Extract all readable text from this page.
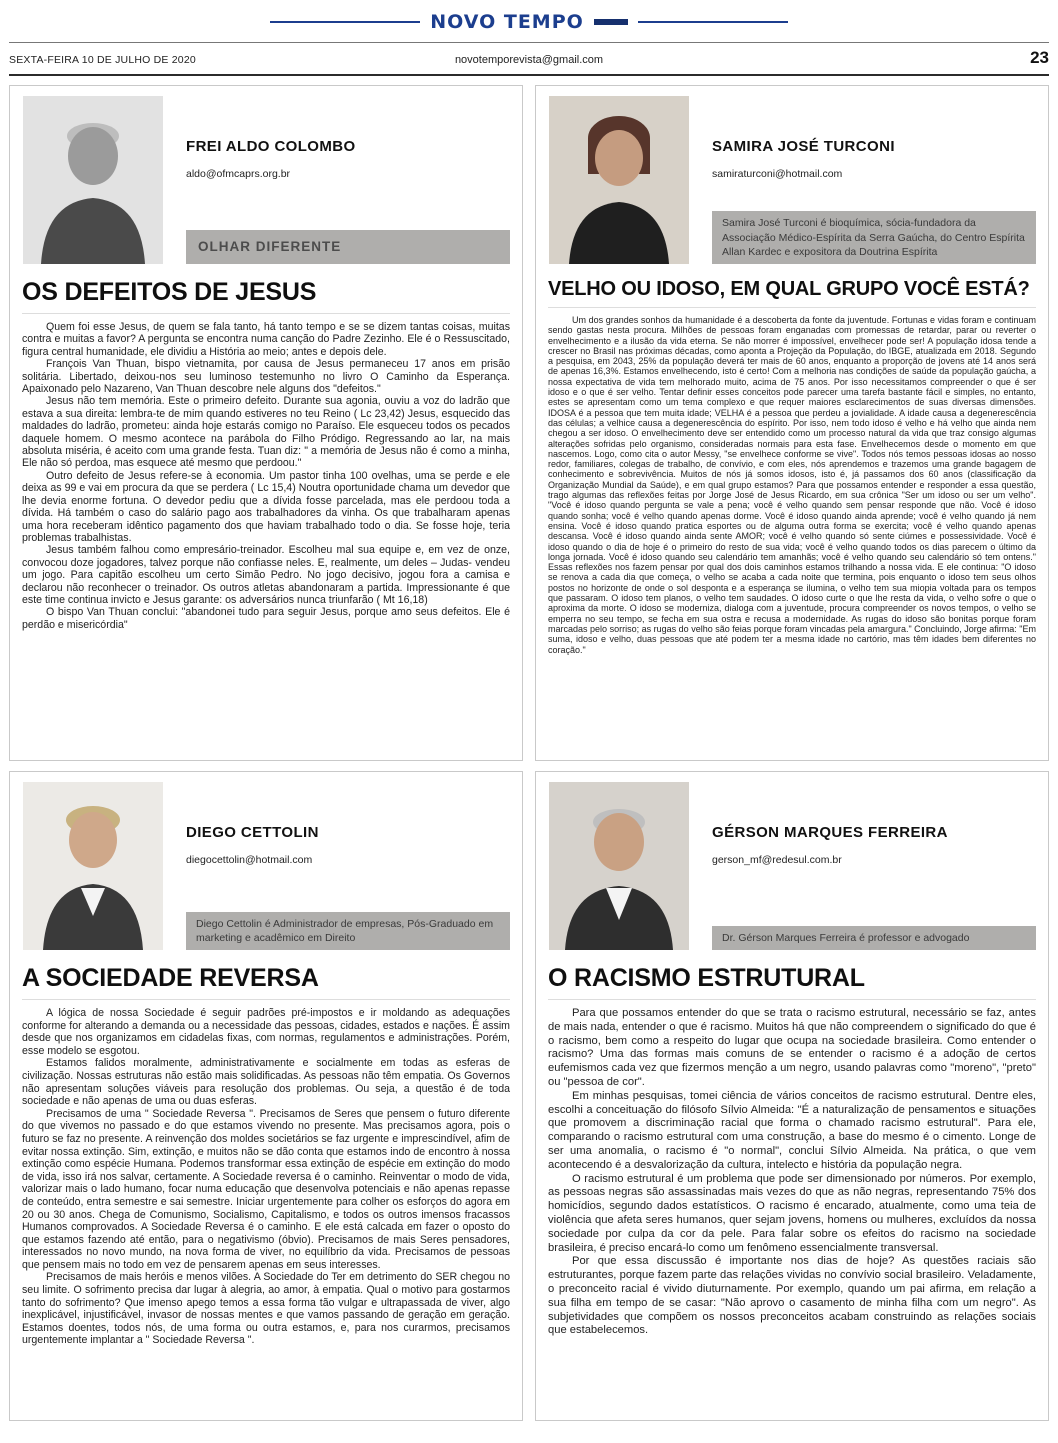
NOVO TEMPO
SEXTA-FEIRA 10 DE JULHO DE 2020	novotemporevista@gmail.com	23
FREI ALDO COLOMBO
aldo@ofmcaprs.org.br
OLHAR DIFERENTE
OS DEFEITOS DE JESUS

Quem foi esse Jesus, de quem se fala tanto, há tanto tempo e se se dizem tantas coisas, muitas contra e muitas a favor? A pergunta se encontra numa canção do Padre Zezinho. Ele é o Ressuscitado, figura central humanidade, ele dividiu a História ao meio; antes e depois dele.

François Van Thuan, bispo vietnamita, por causa de Jesus permaneceu 17 anos em prisão solitária. Libertado, deixou-nos seu luminoso testemunho no livro O Caminho da Esperança. Apaixonado pelo Nazareno, Van Thuan descobre nele alguns dos "defeitos."

Jesus não tem memória. Este o primeiro defeito. Durante sua agonia, ouviu a voz do ladrão que estava a sua direita: lembra-te de mim quando estiveres no teu Reino ( Lc 23,42) Jesus, esquecido das maldades do ladrão, prometeu: ainda hoje estarás comigo no Paraíso. Ele esqueceu todos os pecados daquele homem. O mesmo acontece na parábola do Filho Pródigo. Regressando ao lar, na mais absoluta miséria, é aceito com uma grande festa. Tuan diz: " a memória de Jesus não é como a minha, Ele não só perdoa, mas esquece até mesmo que perdoou."

Outro defeito de Jesus refere-se à economia. Um pastor tinha 100 ovelhas, uma se perde e ele deixa as 99 e vai em procura da que se perdera ( Lc 15,4) Noutra oportunidade chama um devedor que lhe devia enorme fortuna. O devedor pediu que a dívida fosse parcelada, mas ele perdoou toda a dívida. Há também o caso do salário pago aos trabalhadores da vinha. Os que trabalharam apenas uma hora receberam idêntico pagamento dos que haviam trabalhado todo o dia. Se fosse hoje, teria problemas trabalhistas.

Jesus também falhou como empresário-treinador. Escolheu mal sua equipe e, em vez de onze, convocou doze jogadores, talvez porque não confiasse neles. E, realmente, um deles – Judas- vendeu um jogo. Para capitão escolheu um certo Simão Pedro. No jogo decisivo, jogou fora a camisa e declarou não reconhecer o treinador. Os outros atletas abandonaram a partida. Impressionante é que este time continua invicto e Jesus garante: os adversários nunca triunfarão ( Mt 16,18)

O bispo Van Thuan conclui: "abandonei tudo para seguir Jesus, porque amo seus defeitos. Ele é perdão e misericórdia"

SAMIRA JOSÉ TURCONI
samiraturconi@hotmail.com
Samira José Turconi é bioquímica, sócia-fundadora da Associação Médico-Espírita da Serra Gaúcha, do Centro Espírita Allan Kardec e expositora da Doutrina Espírita
VELHO OU IDOSO, EM QUAL GRUPO VOCÊ ESTÁ?

Um dos grandes sonhos da humanidade é a descoberta da fonte da juventude. Fortunas e vidas foram e continuam sendo gastas nesta procura. Milhões de pessoas foram enganadas com promessas de retardar, parar ou reverter o envelhecimento e a ilusão da vida eterna. Se não morrer é impossível, envelhecer pode ser! A população idosa tende a crescer no Brasil nas próximas décadas, como aponta a Projeção da População, do IBGE, atualizada em 2018. Segundo a pesquisa, em 2043, 25% da população deverá ter mais de 60 anos, enquanto a proporção de jovens até 14 anos será de apenas 16,3%. Estamos envelhecendo, isto é certo! Com a melhoria nas condições de saúde da população gaúcha, a nossa expectativa de vida tem melhorado muito, acima de 75 anos. Por isso necessitamos compreender o que é ser idoso e o que é ser velho. Tentar definir esses conceitos pode parecer uma tarefa bastante fácil e simples, no entanto, estes se apresentam como um tema complexo e que requer maiores esclarecimentos de suas diversas dimensões. IDOSA é a pessoa que tem muita idade; VELHA é a pessoa que perdeu a jovialidade. A idade causa a degenerescência das células; a velhice causa a degenerescência do espírito. Por isso, nem todo idoso é velho e há velho que ainda nem chegou a ser idoso. O envelhecimento deve ser entendido como um processo natural da vida que traz consigo algumas alterações sofridas pelo organismo, consideradas normais para esta fase. Envelhecemos desde o momento em que nascemos. Logo, como cita o autor Messy, "se envelhece conforme se vive". Todos nós temos pessoas idosas ao nosso redor, familiares, colegas de trabalho, de convívio, e com eles, nós aprendemos e trazemos uma grande bagagem de conhecimento e sobrevivência. Muitos de nós já somos idosos, isto é, já passamos dos 60 anos (classificação da Organização Mundial da Saúde), e em qual grupo estamos? Para que possamos entender e responder a essa questão, trago algumas das reflexões feitas por Jorge José de Jesus Ricardo, em sua crônica "Ser um idoso ou ser um velho". "Você é idoso quando pergunta se vale a pena; você é velho quando sem pensar responde que não. Você é idoso quando sonha; você é velho quando apenas dorme. Você é idoso quando ainda aprende; você é velho quando já nem ensina. Você é idoso quando pratica esportes ou de alguma outra forma se exercita; você é velho quando apenas descansa. Você é idoso quando ainda sente AMOR; você é velho quando só sente ciúmes e possessividade. Você é idoso quando o dia de hoje é o primeiro do resto de sua vida; você é velho quando todos os dias parecem o último da longa jornada. Você é idoso quando seu calendário tem amanhãs; você é velho quando seu calendário só tem ontens." Essas reflexões nos fazem pensar por qual dos dois caminhos estamos trilhando a nossa vida. E ele continua: "O idoso se renova a cada dia que começa, o velho se acaba a cada noite que termina, pois enquanto o idoso tem seus olhos postos no horizonte de onde o sol desponta e a esperança se ilumina, o velho tem sua miopia voltada para os tempos que passaram. O idoso tem planos, o velho tem saudades. O idoso curte o que lhe resta da vida, o velho sofre o que o aproxima da morte. O idoso se moderniza, dialoga com a juventude, procura compreender os novos tempos, o velho se emperra no seu tempo, se fecha em sua ostra e recusa a modernidade. As rugas do idoso são bonitas porque foram marcadas pelo sorriso; as rugas do velho são feias porque foram vincadas pela amargura." Concluindo, Jorge afirma: "Em suma, idoso e velho, duas pessoas que até podem ter a mesma idade no cartório, mas têm idades bem diferentes no coração."

DIEGO CETTOLIN
diegocettolin@hotmail.com
Diego Cettolin é Administrador de empresas, Pós-Graduado em marketing e acadêmico em Direito
A SOCIEDADE REVERSA

A lógica de nossa Sociedade é seguir padrões pré-impostos e ir moldando as adequações conforme for alterando a demanda ou a necessidade das pessoas, cidades, estados e nações. É assim desde que nos organizamos em cidadelas fixas, com normas, regulamentos e administrações. Porém, esse modelo se esgotou.

Estamos falidos moralmente, administrativamente e socialmente em todas as esferas de civilização. Nossas estruturas não estão mais solidificadas. As pessoas não têm empatia. Os Governos não apresentam soluções viáveis para resolução dos problemas. Ou seja, a questão é de toda sociedade e não apenas de uma ou duas esferas.

Precisamos de uma " Sociedade Reversa ". Precisamos de Seres que pensem o futuro diferente do que vivemos no passado e do que estamos vivendo no presente. Mas precisamos agora, pois o futuro se faz no presente. A reinvenção dos moldes societários se faz urgente e imprescindível, afim de evitar nossa extinção. Sim, extinção, e muitos não se dão conta que estamos indo de encontro à nossa extinção como espécie Humana. Podemos transformar essa extinção de espécie em extinção do modo de vida, isso irá nos salvar, certamente. A Sociedade reversa é o caminho. Reinventar o modo de vida, valorizar mais o lado humano, focar numa educação que desenvolva potenciais e não apenas repasse de conteúdo, entra semestre e sai semestre. Iniciar urgentemente para colher os esforços do agora em 20 ou 30 anos. Chega de Comunismo, Socialismo, Capitalismo, e todos os outros imensos fracassos Humanos comprovados. A Sociedade Reversa é o caminho. E ele está calcada em fazer o oposto do que estamos fazendo até então, para o negativismo (óbvio). Precisamos de mais Seres pensadores, interessados no novo mundo, na nova forma de viver, no equilíbrio da vida. Precisamos de pessoas que pensem mais no todo em vez de pensarem apenas em seus interesses.

Precisamos de mais heróis e menos vilões. A Sociedade do Ter em detrimento do SER chegou no seu limite. O sofrimento precisa dar lugar à alegria, ao amor, à empatia. Qual o motivo para gostarmos tanto do sofrimento? Que imenso apego temos a essa forma tão vulgar e ultrapassada de viver, algo inexplicável, injustificável, invasor de nossas mentes e que vamos passando de geração em geração. Estamos doentes, todos nós, de uma forma ou outra estamos, e, para nos curarmos, precisamos urgentemente implantar a " Sociedade Reversa ".

GÉRSON MARQUES FERREIRA
gerson_mf@redesul.com.br
Dr. Gérson Marques Ferreira é professor e advogado
O RACISMO ESTRUTURAL

Para que possamos entender do que se trata o racismo estrutural, necessário se faz, antes de mais nada, entender o que é racismo. Muitos há que não compreendem o significado do que é o racismo, bem como a respeito do lugar que ocupa na sociedade brasileira. Como entender o racismo? Uma das formas mais comuns de se entender o racismo é a adoção de certos eufemismos cada vez que fizermos menção a um negro, usando palavras como "moreno", "preto" ou "pessoa de cor".

Em minhas pesquisas, tomei ciência de vários conceitos de racismo estrutural. Dentre eles, escolhi a conceituação do filósofo Sílvio Almeida: "É a naturalização de pensamentos e situações que promovem a discriminação racial que forma o chamado racismo estrutural". Para ele, comparando o racismo estrutural com uma construção, a base do mesmo é o cimento. Longe de ser uma anomalia, o racismo é "o normal", conclui Sílvio Almeida. Na prática, o que vem acontecendo é a desvalorização da cultura, intelecto e história da população negra.

O racismo estrutural é um problema que pode ser dimensionado por números. Por exemplo, as pessoas negras são assassinadas mais vezes do que as não negras, representando 75% dos homicídios, segundo dados estatísticos. O racismo é encarado, atualmente, como uma teia de violência que afeta seres humanos, quer sejam jovens, homens ou mulheres, excluídos da nossa sociedade por culpa da cor da pele. Para falar sobre os efeitos do racismo na sociedade brasileira, é preciso encará-lo como um fenômeno essencialmente transversal.

Por que essa discussão é importante nos dias de hoje? As questões raciais são estruturantes, porque fazem parte das relações vividas no convívio social brasileiro. Veladamente, o preconceito racial é vivido diuturnamente. Por exemplo, quando um pai afirma, em relação a sua filha em tempo de se casar: "Não aprovo o casamento de minha filha com um negro". As subjetividades que compõem os nossos preconceitos acabam construindo as relações sociais que estabelecemos.
